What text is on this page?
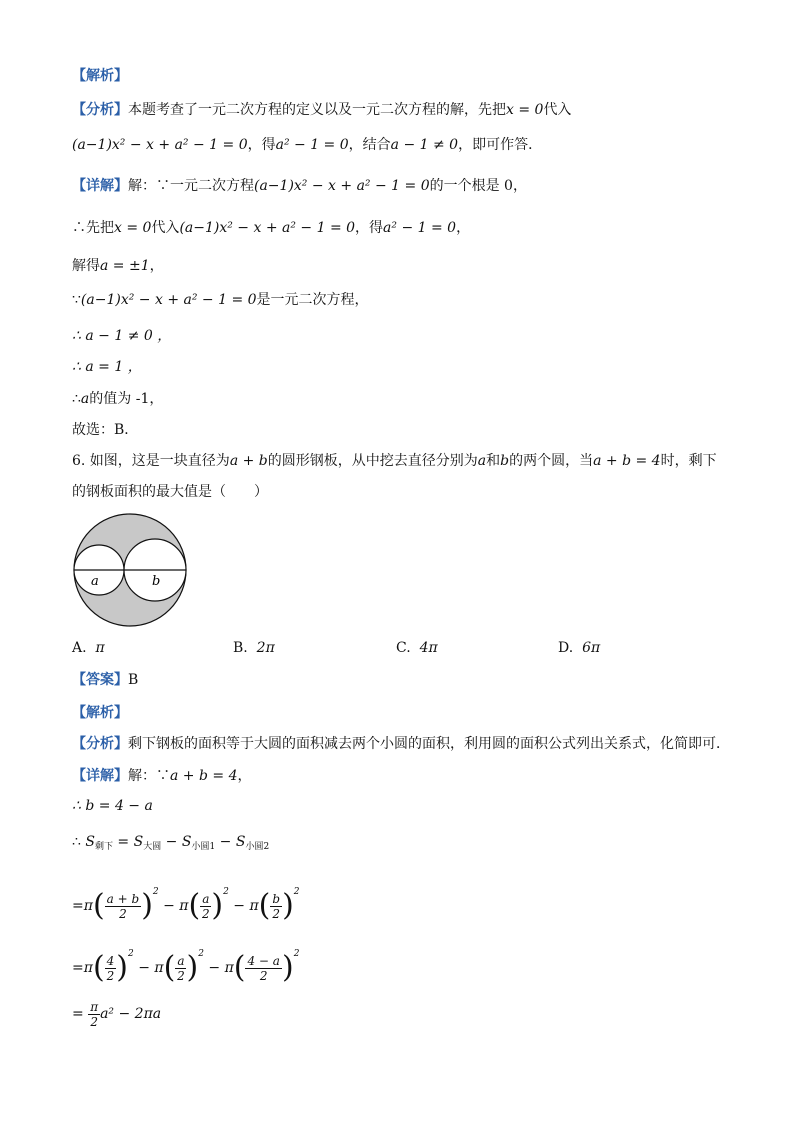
【解析】
【分析】本题考查了一元二次方程的定义以及一元二次方程的解，先把x = 0代入
(a−1)x² − x + a² − 1 = 0，得a² − 1 = 0，结合a − 1 ≠ 0，即可作答．
【详解】解：∵一元二次方程(a−1)x² − x + a² − 1 = 0的一个根是 0，
∴先把x = 0代入(a−1)x² − x + a² − 1 = 0，得a² − 1 = 0，
解得a = ±1，
∵(a−1)x² − x + a² − 1 = 0是一元二次方程，
∴ a − 1 ≠ 0 ，
∴ a = 1 ，
∴a的值为 -1，
故选：B．
6. 如图，这是一块直径为a + b的圆形钢板，从中挖去直径分别为a和b的两个圆，当a + b = 4时，剩下
的钢板面积的最大值是（　　）
a	b
A. π	B. 2π	C. 4π	D. 6π
【答案】B
【解析】
【分析】剩下钢板的面积等于大圆的面积减去两个小圆的面积，利用圆的面积公式列出关系式，化简即可．
【详解】解：∵a + b = 4，
∴ b = 4 − a
∴ $S_{剩下} = S_{大圆} - S_{小圆1} - S_{小圆2}$
$=\pi( \frac{a + b}{2} )^2 - \pi( \frac{a}{2} )^2 - \pi( \frac{b}{2} )^2$
$=\pi( \frac{4}{2} )^2 - \pi( \frac{a}{2} )^2 - \pi( \frac{4 - a}{2} )^2$
= $\frac{\pi}{2} a^2 - 2\pi a$
